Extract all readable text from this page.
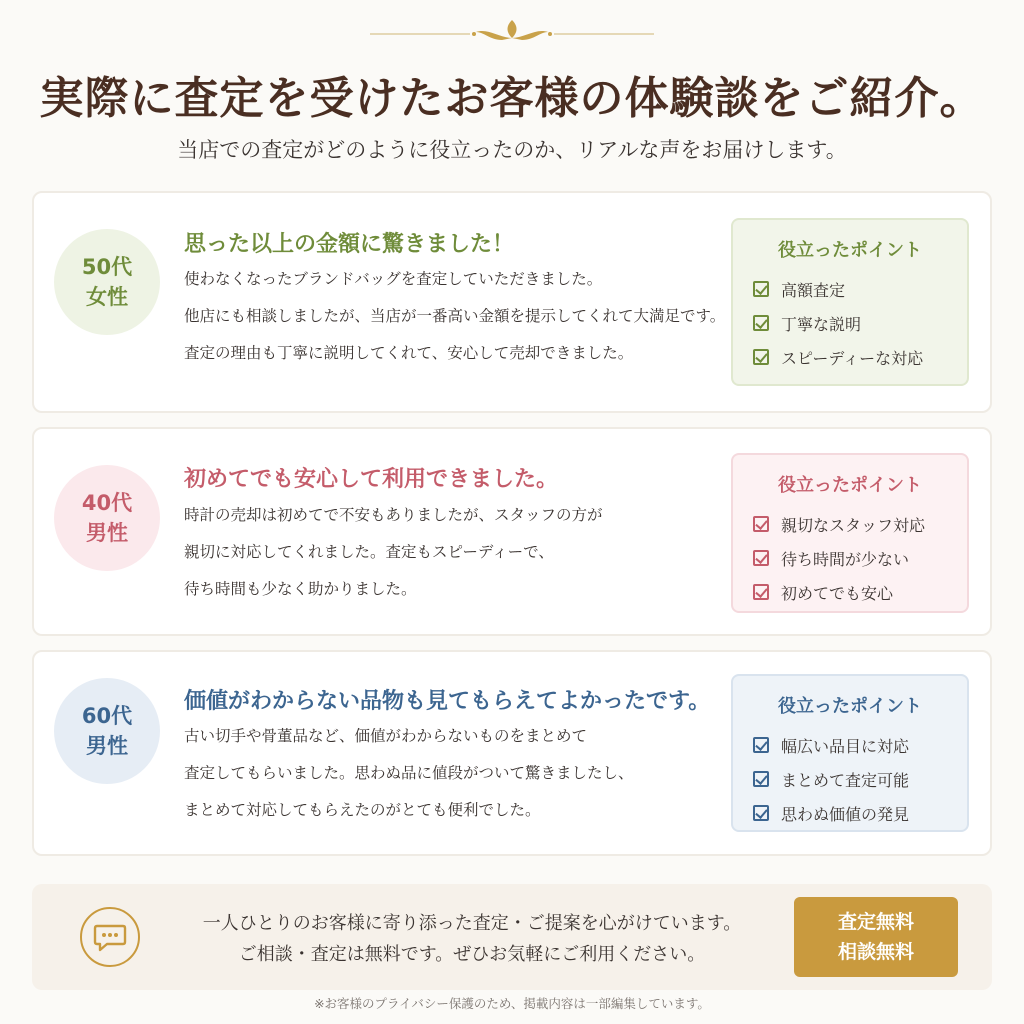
実際に査定を受けたお客様の体験談をご紹介。
当店での査定がどのように役立ったのか、リアルな声をお届けします。
50代
女性
思った以上の金額に驚きました！
使わなくなったブランドバッグを査定していただきました。
他店にも相談しましたが、当店が一番高い金額を提示してくれて大満足です。
査定の理由も丁寧に説明してくれて、安心して売却できました。
役立ったポイント
高額査定
丁寧な説明
スピーディーな対応
40代
男性
初めてでも安心して利用できました。
時計の売却は初めてで不安もありましたが、スタッフの方が
親切に対応してくれました。査定もスピーディーで、
待ち時間も少なく助かりました。
役立ったポイント
親切なスタッフ対応
待ち時間が少ない
初めてでも安心
60代
男性
価値がわからない品物も見てもらえてよかったです。
古い切手や骨董品など、価値がわからないものをまとめて
査定してもらいました。思わぬ品に値段がついて驚きましたし、
まとめて対応してもらえたのがとても便利でした。
役立ったポイント
幅広い品目に対応
まとめて査定可能
思わぬ価値の発見
一人ひとりのお客様に寄り添った査定・ご提案を心がけています。
ご相談・査定は無料です。ぜひお気軽にご利用ください。
査定無料
相談無料
※お客様のプライバシー保護のため、掲載内容は一部編集しています。
